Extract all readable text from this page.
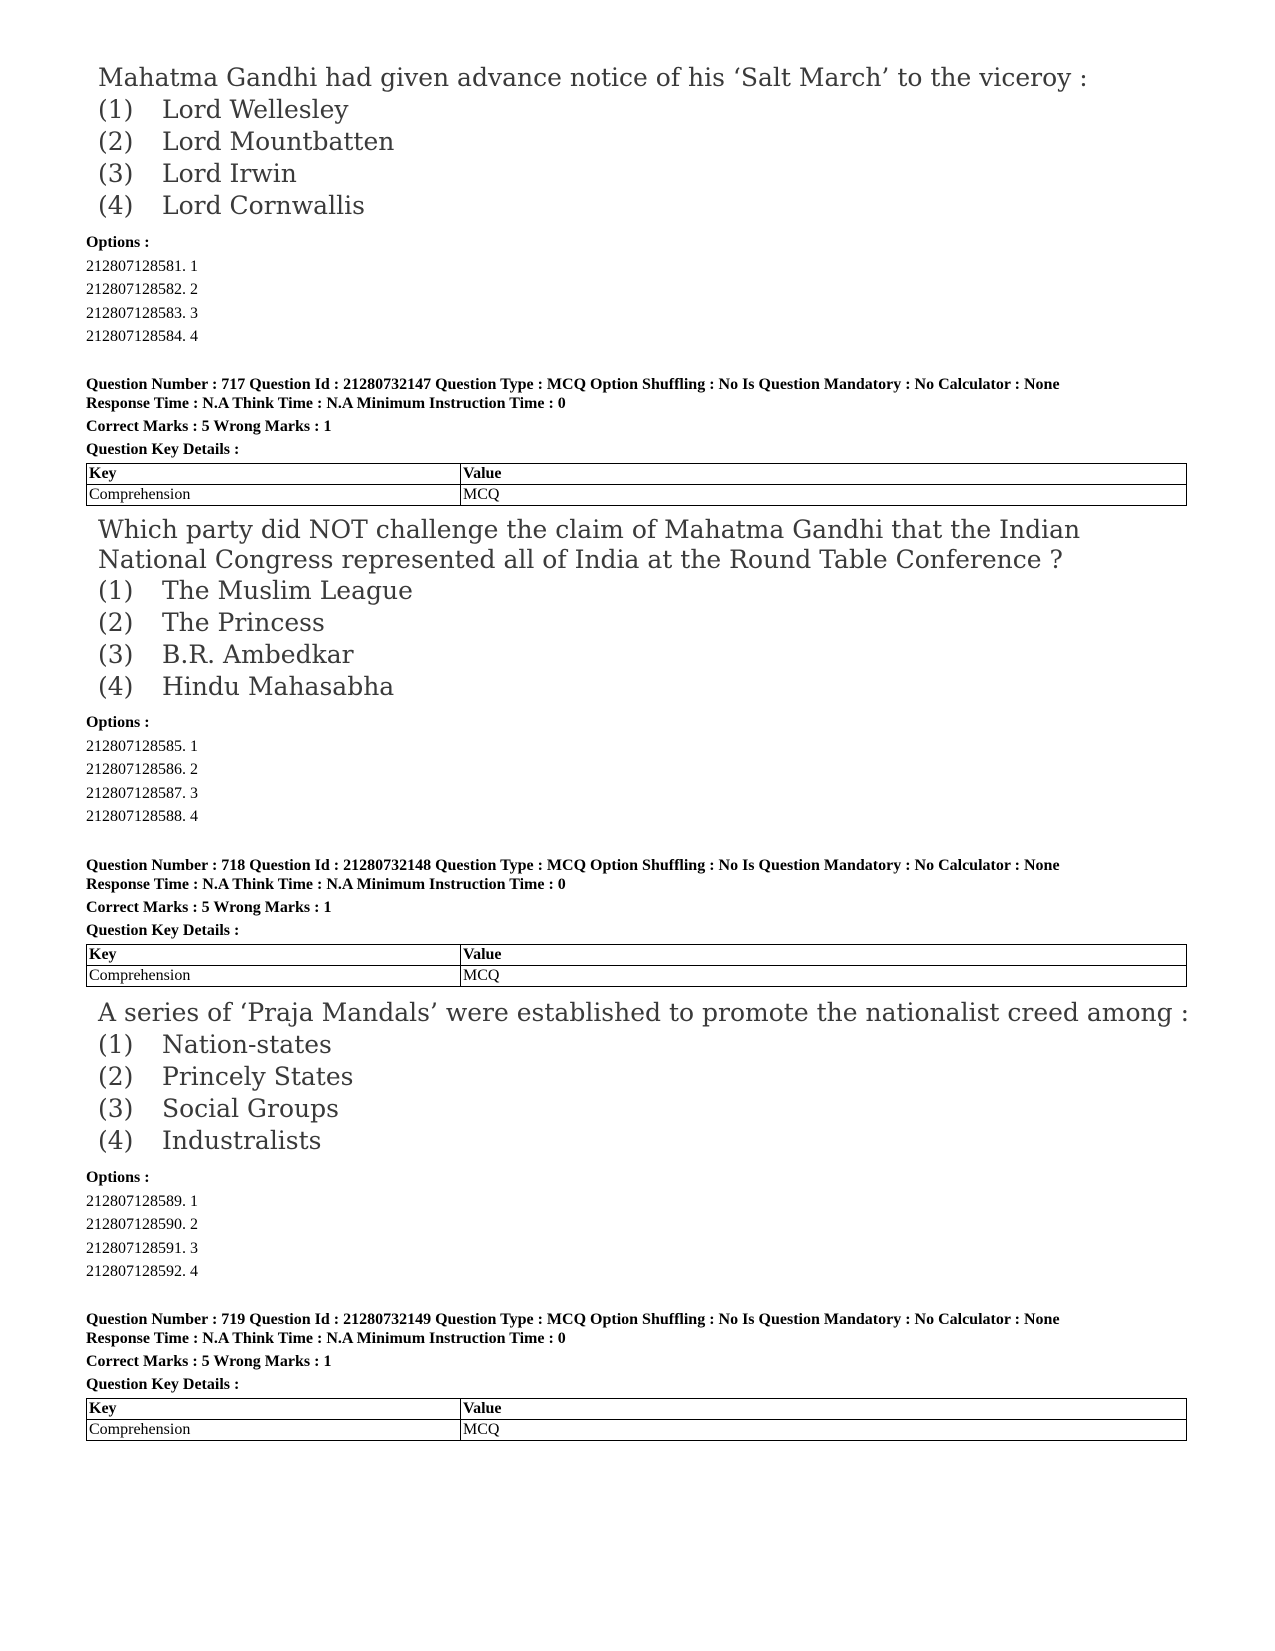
Mahatma Gandhi had given advance notice of his ‘Salt March’ to the viceroy :

(1)	Lord Wellesley
(2)	Lord Mountbatten
(3)	Lord Irwin
(4)	Lord Cornwallis
Options :
212807128581. 1
212807128582. 2
212807128583. 3
212807128584. 4
Question Number : 717 Question Id : 21280732147 Question Type : MCQ Option Shuffling : No Is Question Mandatory : No Calculator : None
Response Time : N.A Think Time : N.A Minimum Instruction Time : 0
Correct Marks : 5 Wrong Marks : 1
Question Key Details :
Key	Value
Comprehension	MCQ

Which party did NOT challenge the claim of Mahatma Gandhi that the Indian National Congress represented all of India at the Round Table Conference ?

(1)	The Muslim League
(2)	The Princess
(3)	B.R. Ambedkar
(4)	Hindu Mahasabha
Options :
212807128585. 1
212807128586. 2
212807128587. 3
212807128588. 4
Question Number : 718 Question Id : 21280732148 Question Type : MCQ Option Shuffling : No Is Question Mandatory : No Calculator : None
Response Time : N.A Think Time : N.A Minimum Instruction Time : 0
Correct Marks : 5 Wrong Marks : 1
Question Key Details :
Key	Value
Comprehension	MCQ

A series of ‘Praja Mandals’ were established to promote the nationalist creed among :

(1)	Nation-states
(2)	Princely States
(3)	Social Groups
(4)	Industralists
Options :
212807128589. 1
212807128590. 2
212807128591. 3
212807128592. 4
Question Number : 719 Question Id : 21280732149 Question Type : MCQ Option Shuffling : No Is Question Mandatory : No Calculator : None
Response Time : N.A Think Time : N.A Minimum Instruction Time : 0
Correct Marks : 5 Wrong Marks : 1
Question Key Details :
Key	Value
Comprehension	MCQ
